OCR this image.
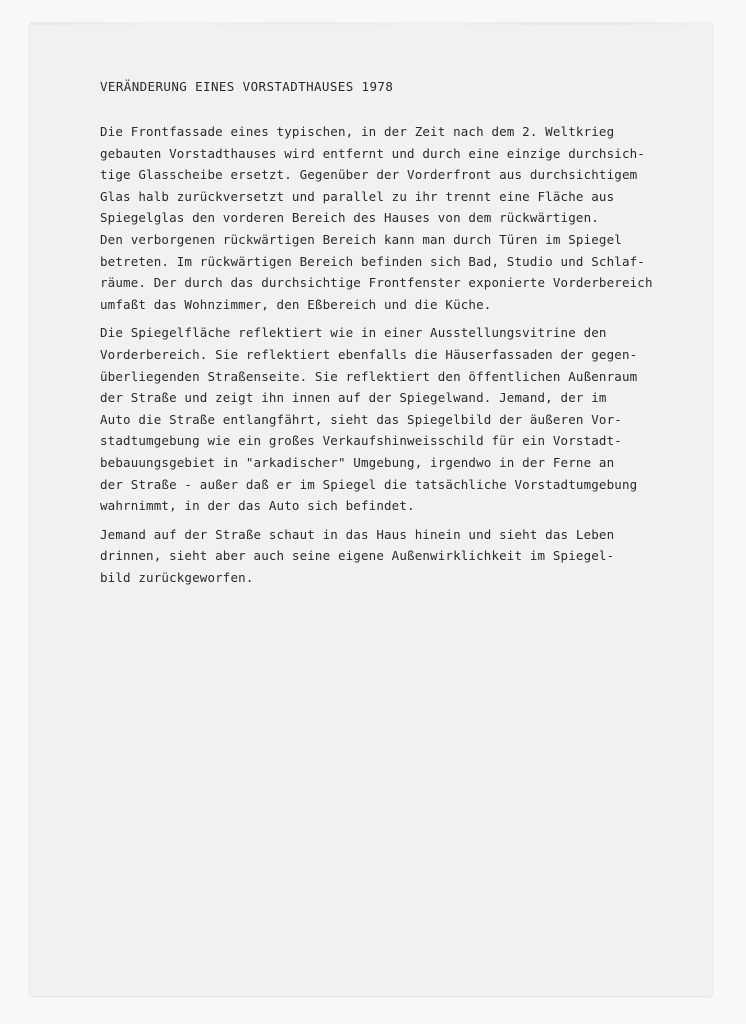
VERÄNDERUNG EINES VORSTADTHAUSES 1978

Die Frontfassade eines typischen, in der Zeit nach dem 2. Weltkrieg
gebauten Vorstadthauses wird entfernt und durch eine einzige durchsich-
tige Glasscheibe ersetzt. Gegenüber der Vorderfront aus durchsichtigem
Glas halb zurückversetzt und parallel zu ihr trennt eine Fläche aus
Spiegelglas den vorderen Bereich des Hauses von dem rückwärtigen.
Den verborgenen rückwärtigen Bereich kann man durch Türen im Spiegel
betreten. Im rückwärtigen Bereich befinden sich Bad, Studio und Schlaf-
räume. Der durch das durchsichtige Frontfenster exponierte Vorderbereich
umfaßt das Wohnzimmer, den Eßbereich und die Küche.

Die Spiegelfläche reflektiert wie in einer Ausstellungsvitrine den
Vorderbereich. Sie reflektiert ebenfalls die Häuserfassaden der gegen-
überliegenden Straßenseite. Sie reflektiert den öffentlichen Außenraum
der Straße und zeigt ihn innen auf der Spiegelwand. Jemand, der im
Auto die Straße entlangfährt, sieht das Spiegelbild der äußeren Vor-
stadtumgebung wie ein großes Verkaufshinweisschild für ein Vorstadt-
bebauungsgebiet in "arkadischer" Umgebung, irgendwo in der Ferne an
der Straße - außer daß er im Spiegel die tatsächliche Vorstadtumgebung
wahrnimmt, in der das Auto sich befindet.

Jemand auf der Straße schaut in das Haus hinein und sieht das Leben
drinnen, sieht aber auch seine eigene Außenwirklichkeit im Spiegel-
bild zurückgeworfen.
